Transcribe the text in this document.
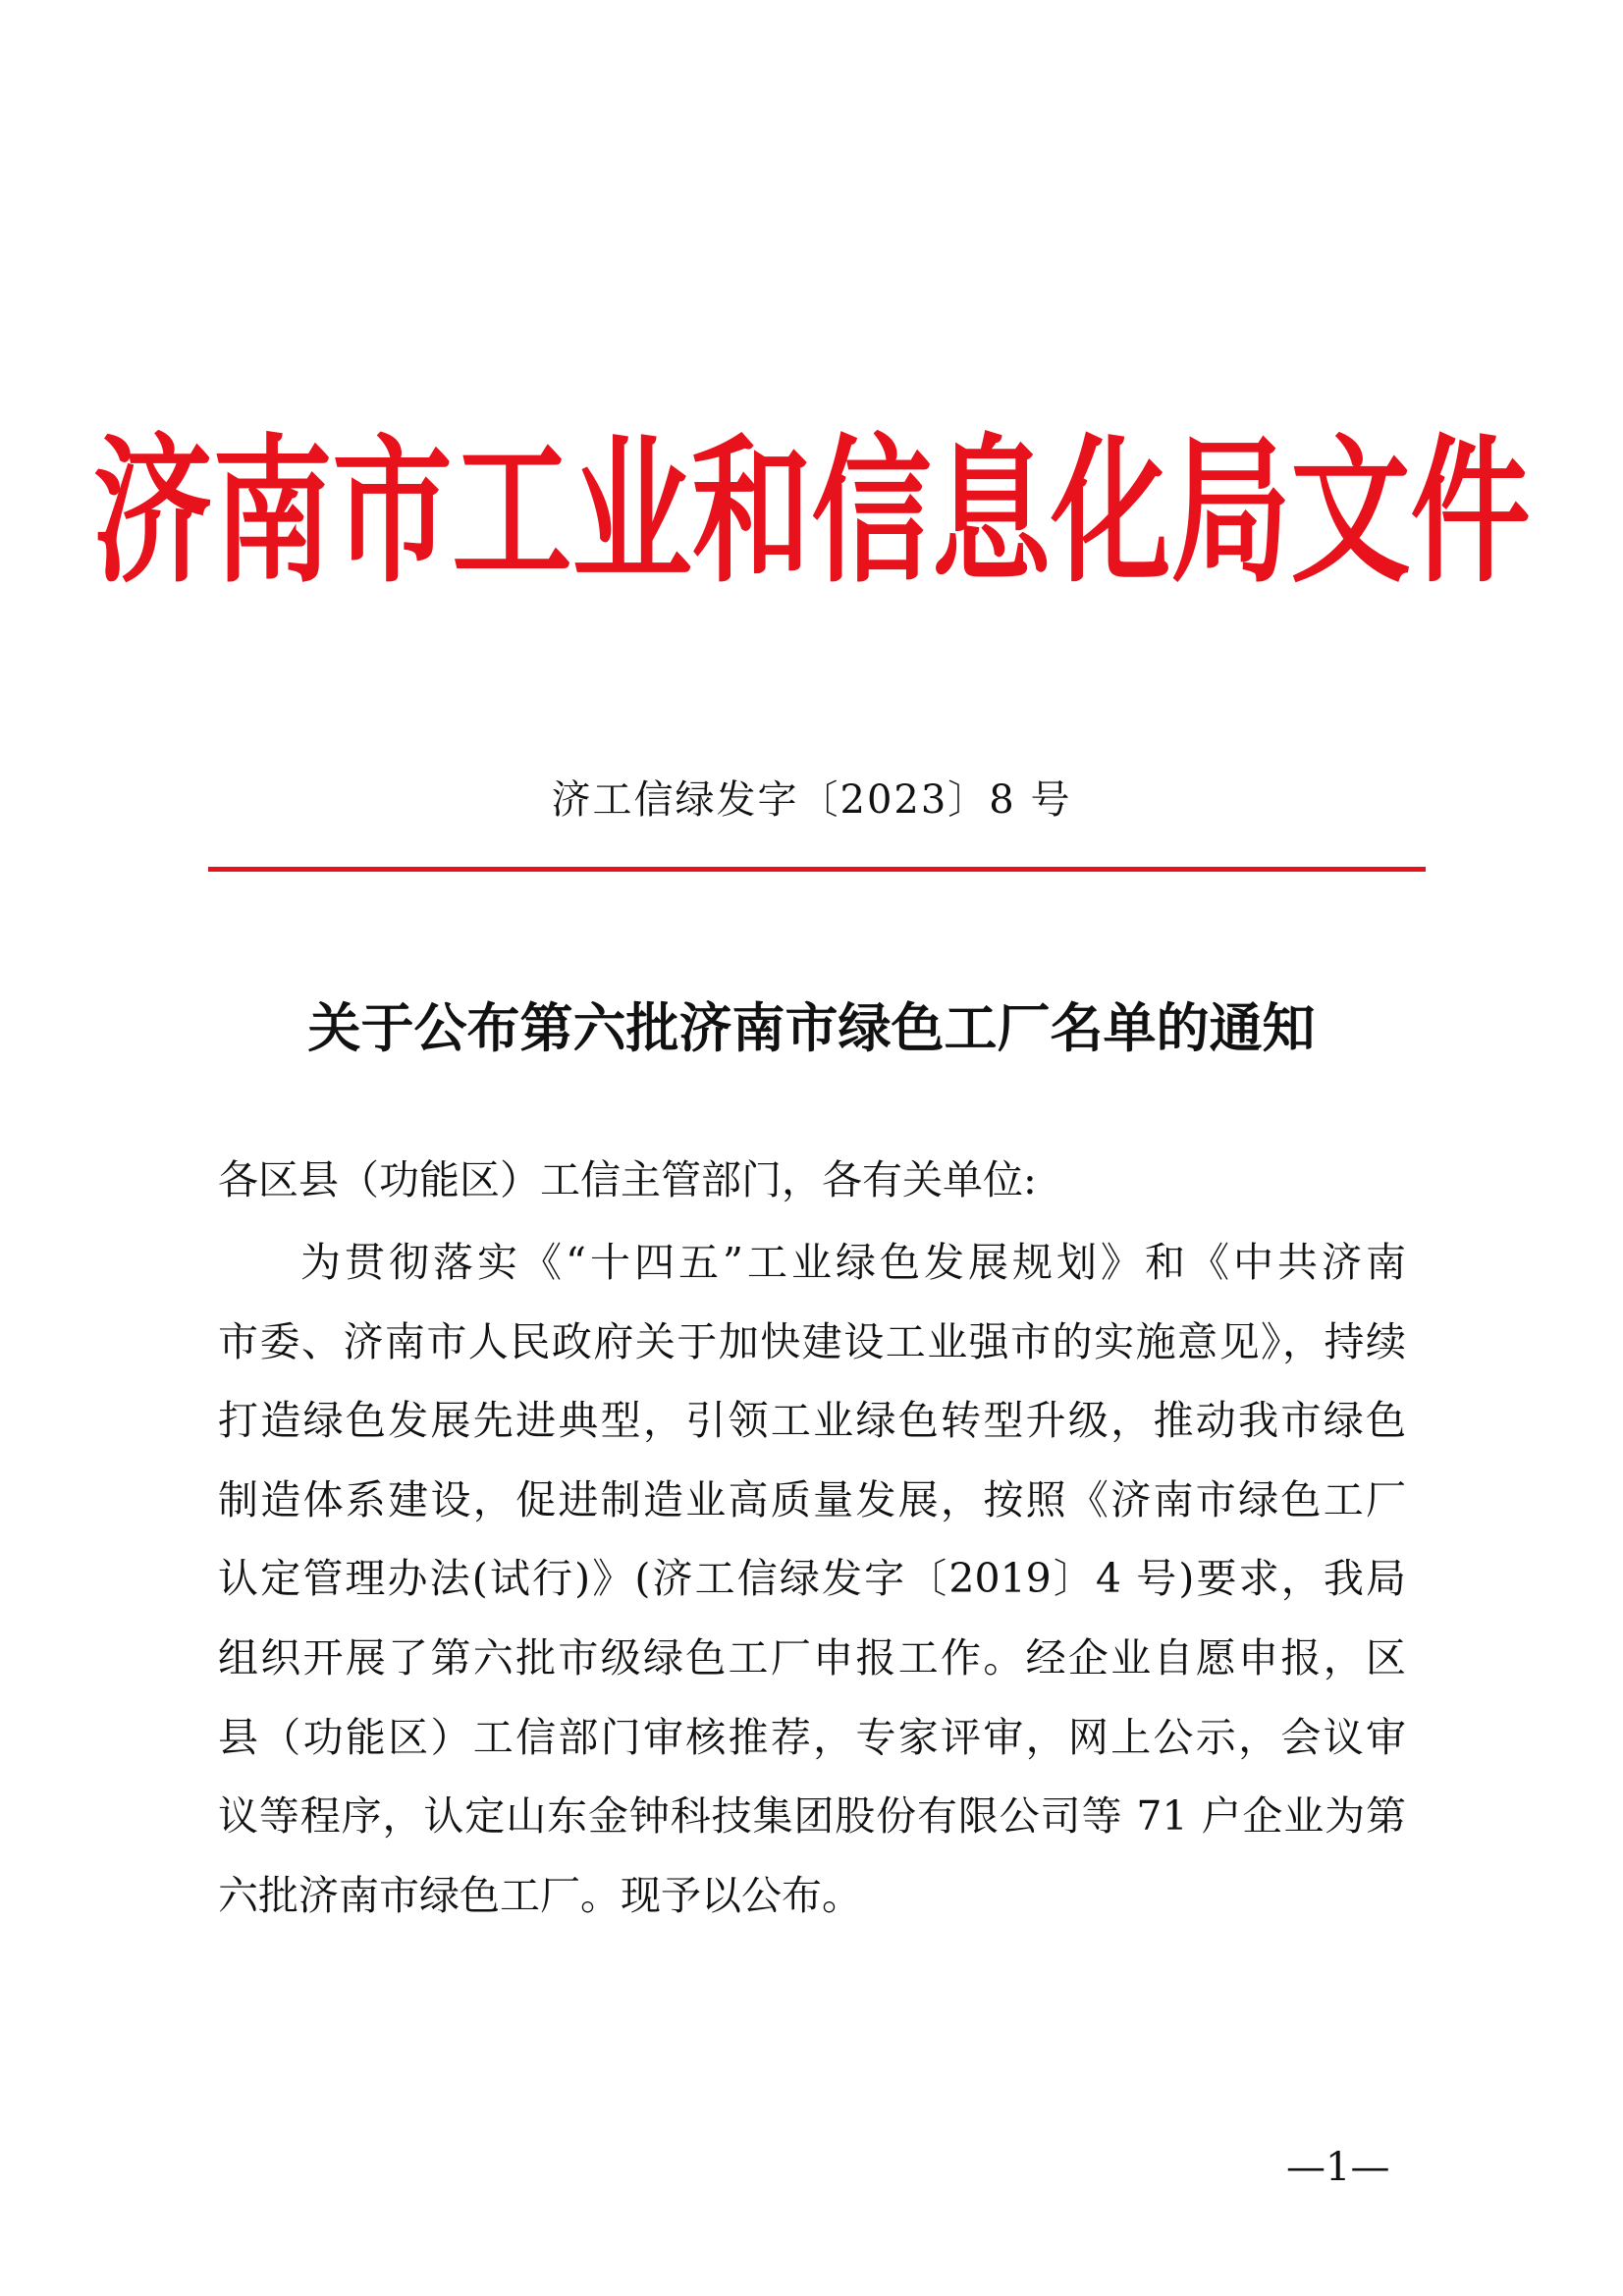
济南市工业和信息化局文件
济工信绿发字〔2023〕8 号
关于公布第六批济南市绿色工厂名单的通知
各区县（功能区）工信主管部门，各有关单位:
为贯彻落实《“十四五”工业绿色发展规划》和《中共济南
市委、济南市人民政府关于加快建设工业强市的实施意见》，持续
打造绿色发展先进典型，引领工业绿色转型升级，推动我市绿色
制造体系建设，促进制造业高质量发展，按照《济南市绿色工厂
认定管理办法(试行)》(济工信绿发字〔2019〕4 号)要求，我局
组织开展了第六批市级绿色工厂申报工作。经企业自愿申报，区
县（功能区）工信部门审核推荐，专家评审，网上公示，会议审
议等程序，认定山东金钟科技集团股份有限公司等 71 户企业为第
六批济南市绿色工厂。现予以公布。
—1—
